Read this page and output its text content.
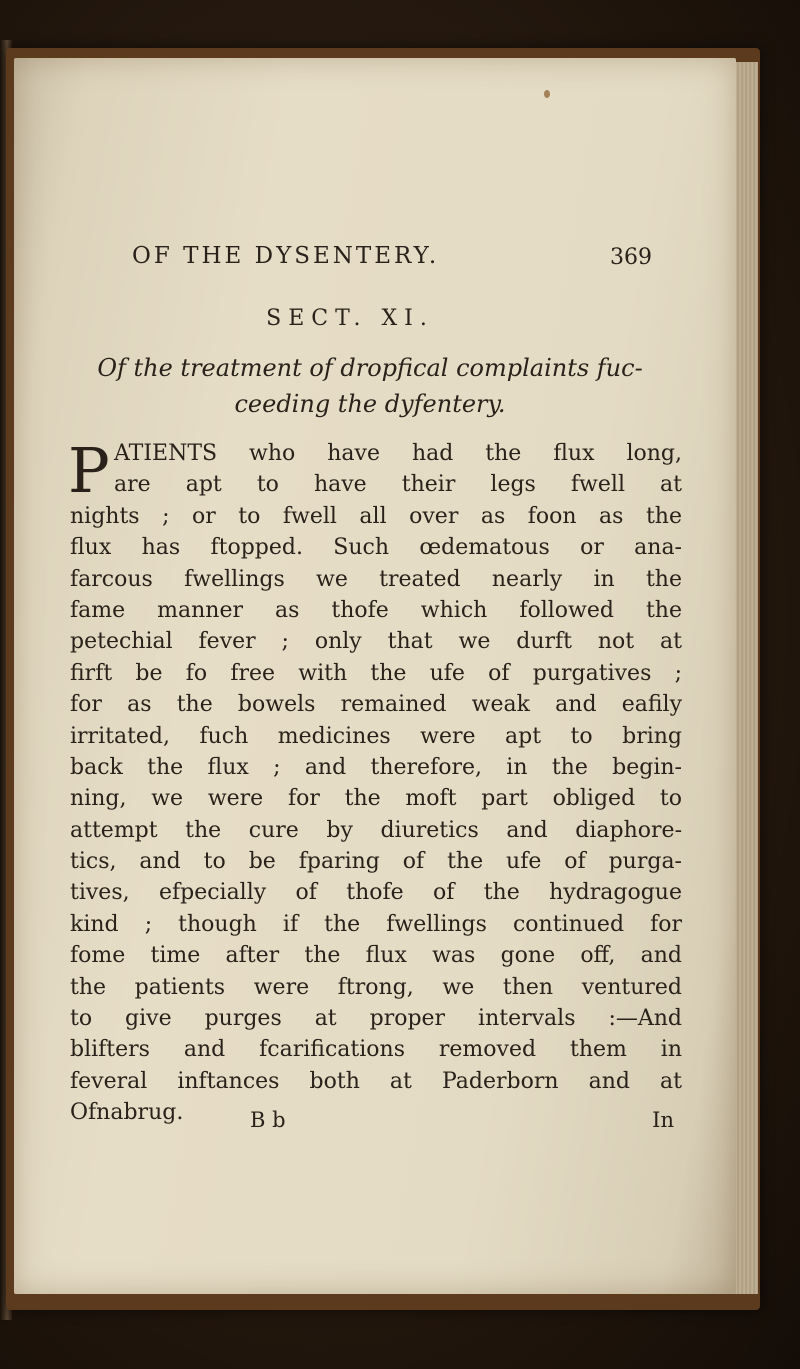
OF THE DYSENTERY.	369
SECT. XI.
Of the treatment of dropfical complaints fuc-
ceeding the dyfentery.
P ATIENTS who have had the flux long,
are apt to have their legs fwell at
nights ; or to fwell all over as foon as the
flux has ftopped. Such œdematous or ana-
farcous fwellings we treated nearly in the
fame manner as thofe which followed the
petechial fever ; only that we durft not at
firft be fo free with the ufe of purgatives ;
for as the bowels remained weak and eafily
irritated, fuch medicines were apt to bring
back the flux ; and therefore, in the begin-
ning, we were for the moft part obliged to
attempt the cure by diuretics and diaphore-
tics, and to be fparing of the ufe of purga-
tives, efpecially of thofe of the hydragogue
kind ; though if the fwellings continued for
fome time after the flux was gone off, and
the patients were ftrong, we then ventured
to give purges at proper intervals :—And
blifters and fcarifications removed them in
feveral inftances both at Paderborn and at
Ofnabrug.	B b	In
